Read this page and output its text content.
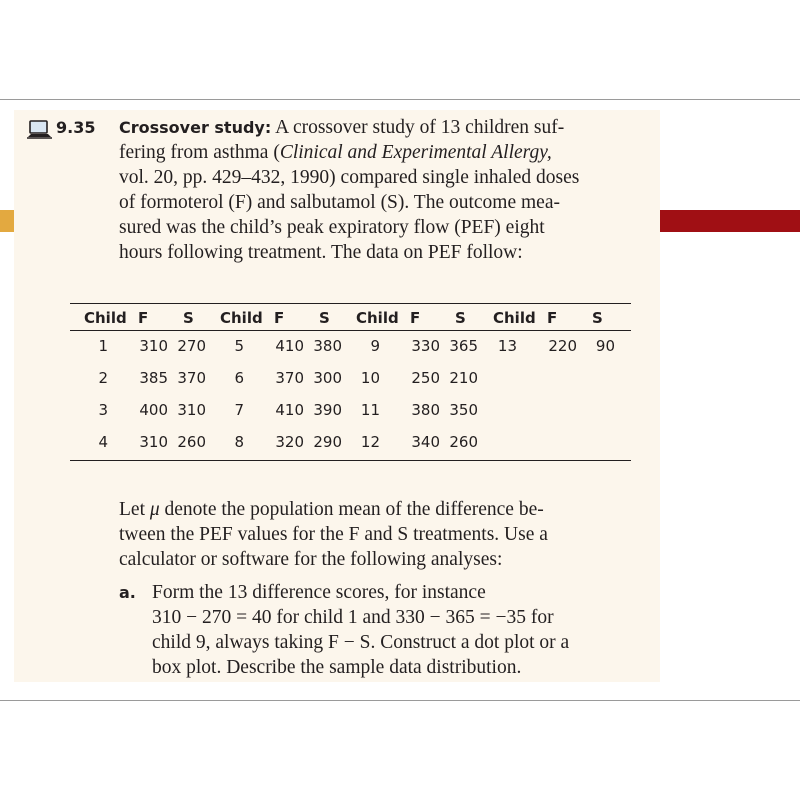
9.35 Crossover study: A crossover study of 13 children suf-
fering from asthma (Clinical and Experimental Allergy,
vol. 20, pp. 429–432, 1990) compared single inhaled doses
of formoterol (F) and salbutamol (S). The outcome mea-
sured was the child’s peak expiratory flow (PEF) eight
hours following treatment. The data on PEF follow:
Child F S Child F S Child F S Child F S
1 310 270 5 410 380 9 330 365 13 220 90
2 385 370 6 370 300 10 250 210
3 400 310 7 410 390 11 380 350
4 310 260 8 320 290 12 340 260
Let μ denote the population mean of the difference be-
tween the PEF values for the F and S treatments. Use a
calculator or software for the following analyses:
a. Form the 13 difference scores, for instance
310 − 270 = 40 for child 1 and 330 − 365 = −35 for
child 9, always taking F − S. Construct a dot plot or a
box plot. Describe the sample data distribution.
